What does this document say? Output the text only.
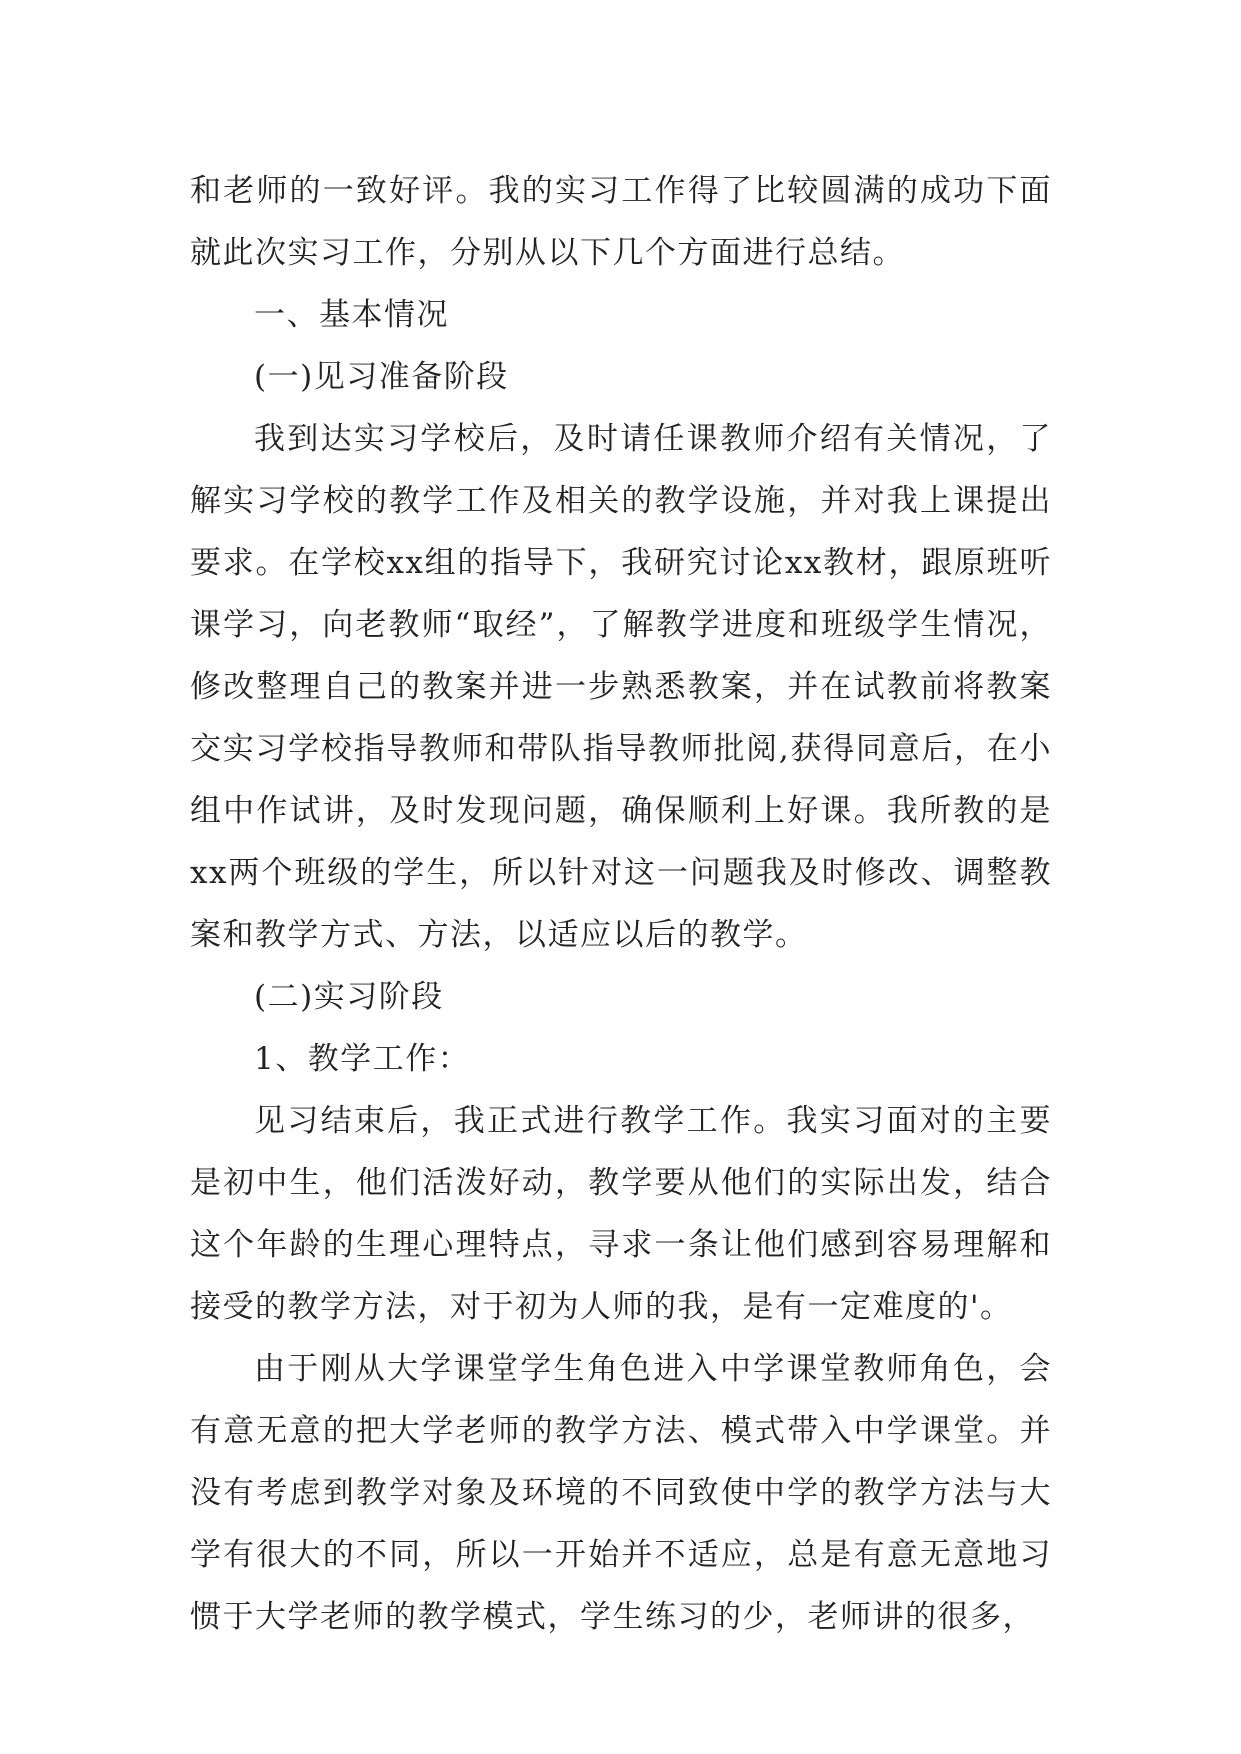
和老师的一致好评。我的实习工作得了比较圆满的成功下面就此次实习工作，分别从以下几个方面进行总结。

一、基本情况

(一)见习准备阶段

我到达实习学校后，及时请任课教师介绍有关情况，了解实习学校的教学工作及相关的教学设施，并对我上课提出要求。在学校xx组的指导下，我研究讨论xx教材，跟原班听课学习，向老教师“取经”，了解教学进度和班级学生情况，修改整理自己的教案并进一步熟悉教案，并在试教前将教案交实习学校指导教师和带队指导教师批阅,获得同意后，在小组中作试讲，及时发现问题，确保顺利上好课。我所教的是xx两个班级的学生，所以针对这一问题我及时修改、调整教案和教学方式、方法，以适应以后的教学。

(二)实习阶段

1、教学工作：

见习结束后，我正式进行教学工作。我实习面对的主要是初中生，他们活泼好动，教学要从他们的实际出发，结合这个年龄的生理心理特点，寻求一条让他们感到容易理解和接受的教学方法，对于初为人师的我，是有一定难度的'。

由于刚从大学课堂学生角色进入中学课堂教师角色，会有意无意的把大学老师的教学方法、模式带入中学课堂。并没有考虑到教学对象及环境的不同致使中学的教学方法与大学有很大的不同，所以一开始并不适应，总是有意无意地习惯于大学老师的教学模式，学生练习的少，老师讲的很多，
